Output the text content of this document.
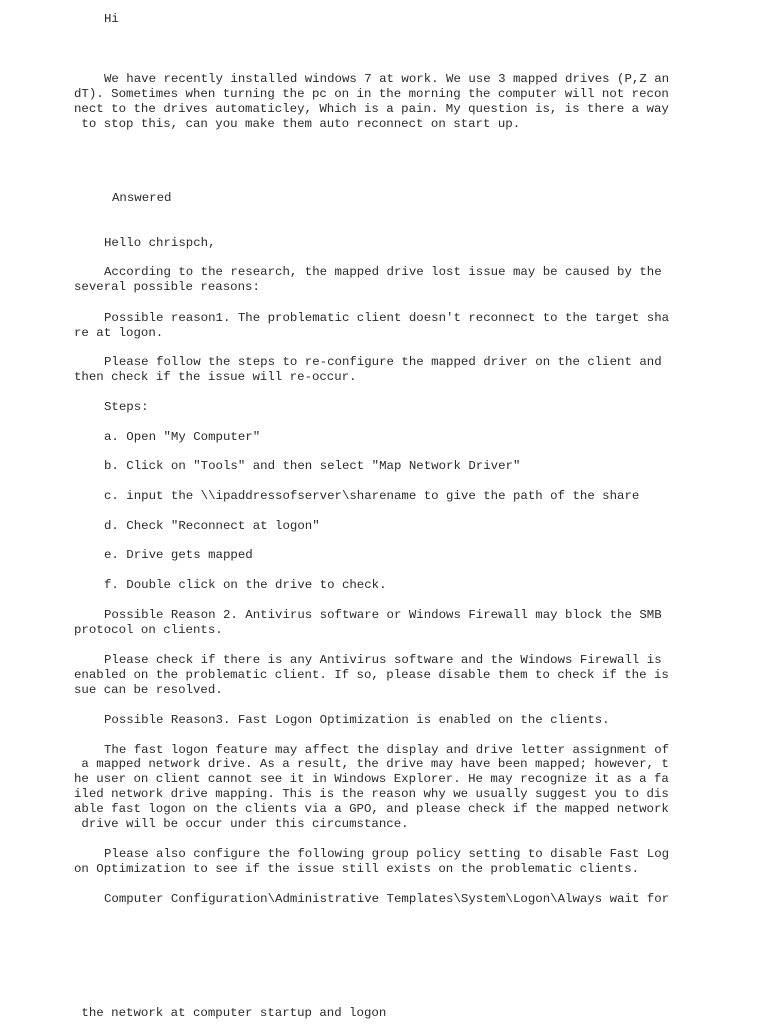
Hi
We have recently installed windows 7 at work. We use 3 mapped drives (P,Z an
dT). Sometimes when turning the pc on in the morning the computer will not recon
nect to the drives automaticley, Which is a pain. My question is, is there a way
to stop this, can you make them auto reconnect on start up.
Answered
Hello chrispch,
According to the research, the mapped drive lost issue may be caused by the
several possible reasons:
Possible reason1. The problematic client doesn't reconnect to the target sha
re at logon.
Please follow the steps to re-configure the mapped driver on the client and
then check if the issue will re-occur.
Steps:
a. Open "My Computer"
b. Click on "Tools" and then select "Map Network Driver"
c. input the \\ipaddressofserver\sharename to give the path of the share
d. Check "Reconnect at logon"
e. Drive gets mapped
f. Double click on the drive to check.
Possible Reason 2. Antivirus software or Windows Firewall may block the SMB
protocol on clients.
Please check if there is any Antivirus software and the Windows Firewall is
enabled on the problematic client. If so, please disable them to check if the is
sue can be resolved.
Possible Reason3. Fast Logon Optimization is enabled on the clients.
The fast logon feature may affect the display and drive letter assignment of
a mapped network drive. As a result, the drive may have been mapped; however, t
he user on client cannot see it in Windows Explorer. He may recognize it as a fa
iled network drive mapping. This is the reason why we usually suggest you to dis
able fast logon on the clients via a GPO, and please check if the mapped network
drive will be occur under this circumstance.
Please also configure the following group policy setting to disable Fast Log
on Optimization to see if the issue still exists on the problematic clients.
Computer Configuration\Administrative Templates\System\Logon\Always wait for
the network at computer startup and logon
